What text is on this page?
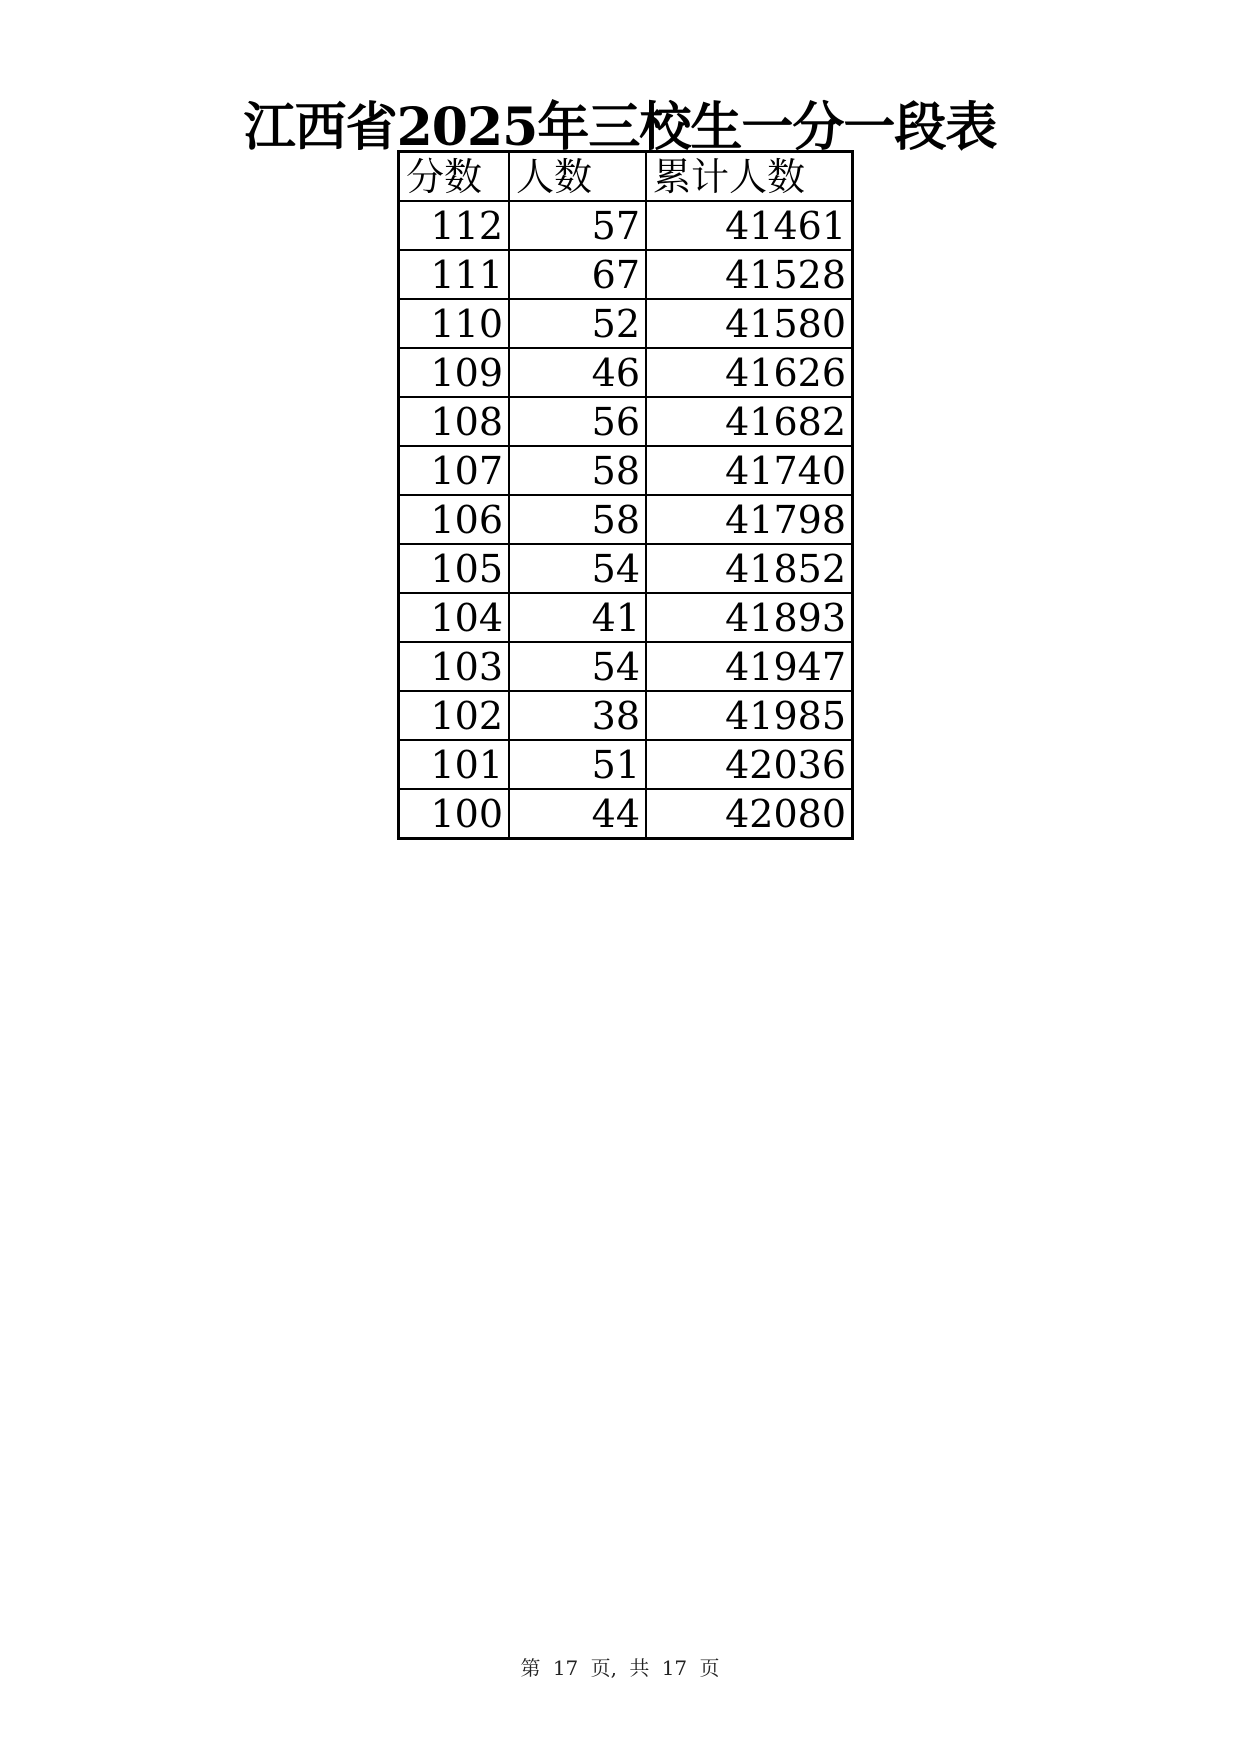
江西省2025年三校生一分一段表
分数	人数	累计人数
112	57	41461
111	67	41528
110	52	41580
109	46	41626
108	56	41682
107	58	41740
106	58	41798
105	54	41852
104	41	41893
103	54	41947
102	38	41985
101	51	42036
100	44	42080
第 17 页, 共 17 页
